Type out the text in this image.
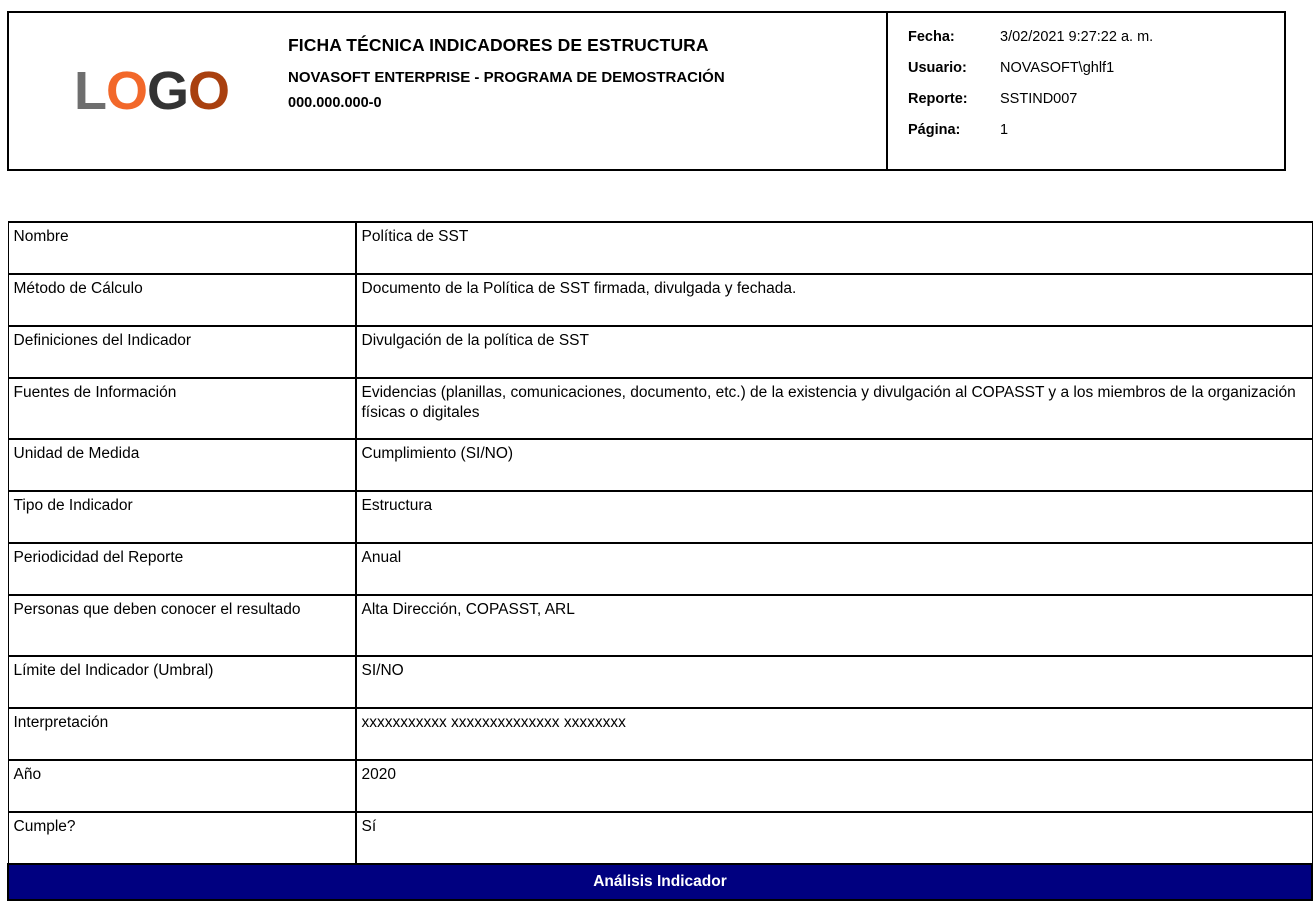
LOGO
FICHA TÉCNICA INDICADORES DE ESTRUCTURA
NOVASOFT ENTERPRISE - PROGRAMA DE DEMOSTRACIÓN
000.000.000-0
Fecha:	3/02/2021 9:27:22 a. m.
Usuario:	NOVASOFT\ghlf1
Reporte:	SSTIND007
Página:	1
Nombre	Política de SST
Método de Cálculo	Documento de la Política de SST firmada, divulgada y fechada.
Definiciones del Indicador	Divulgación de la política de SST
Fuentes de Información	Evidencias (planillas, comunicaciones, documento, etc.) de la existencia y divulgación al COPASST y a los miembros de la organización físicas o digitales
Unidad de Medida	Cumplimiento (SI/NO)
Tipo de Indicador	Estructura
Periodicidad del Reporte	Anual
Personas que deben conocer el resultado	Alta Dirección, COPASST, ARL
Límite del Indicador (Umbral)	SI/NO
Interpretación	xxxxxxxxxxx xxxxxxxxxxxxxx xxxxxxxx
Año	2020
Cumple?	Sí
Análisis Indicador	
